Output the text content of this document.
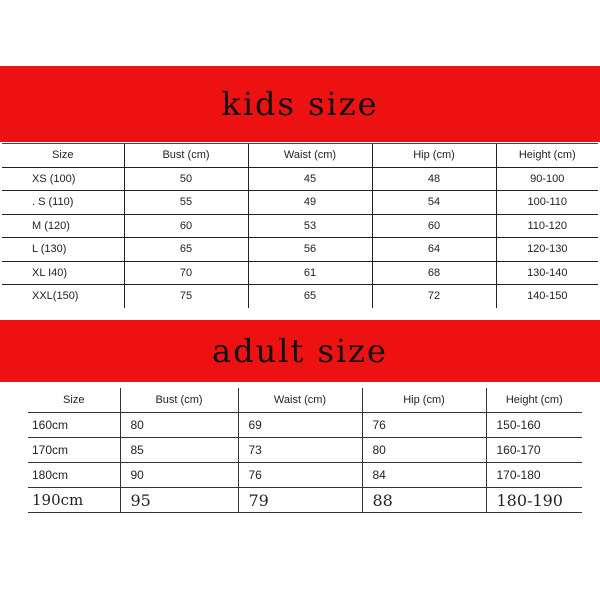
kids size
Size	Bust (cm)	Waist (cm)	Hip (cm)	Height (cm)
XS (100)	50	45	48	90-100
. S (110)	55	49	54	100-110
M (120)	60	53	60	110-120
L (130)	65	56	64	120-130
XL I40)	70	61	68	130-140
XXL(150)	75	65	72	140-150
adult size
Size	Bust (cm)	Waist (cm)	Hip (cm)	Height (cm)
160cm	80	69	76	150-160
170cm	85	73	80	160-170
180cm	90	76	84	170-180
190cm	95	79	88	180-190
